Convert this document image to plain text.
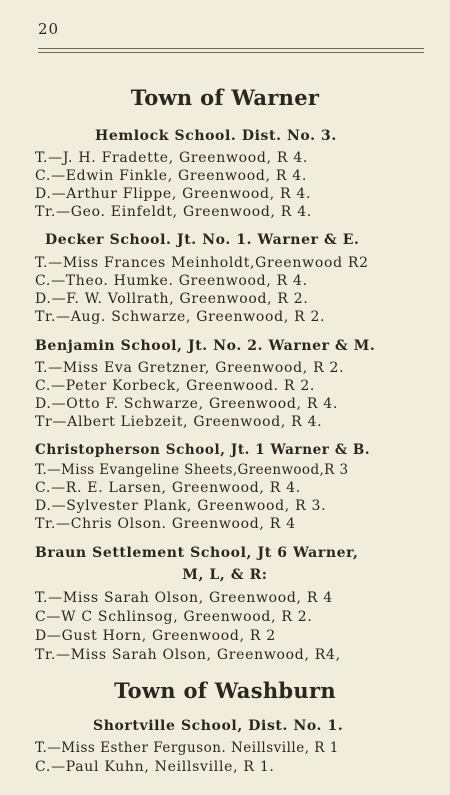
20
Town of Warner
Hemlock School. Dist. No. 3.
T.—J. H. Fradette, Greenwood, R 4.
C.—Edwin Finkle, Greenwood, R 4.
D.—Arthur Flippe, Greenwood, R 4.
Tr.—Geo. Einfeldt, Greenwood, R 4.
Decker School. Jt. No. 1. Warner & E.
T.—Miss Frances Meinholdt,Greenwood R2
C.—Theo. Humke. Greenwood, R 4.
D.—F. W. Vollrath, Greenwood, R 2.
Tr.—Aug. Schwarze, Greenwood, R 2.
Benjamin School, Jt. No. 2. Warner & M.
T.—Miss Eva Gretzner, Greenwood, R 2.
C.—Peter Korbeck, Greenwood. R 2.
D.—Otto F. Schwarze, Greenwood, R 4.
Tr—Albert Liebzeit, Greenwood, R 4.
Christopherson School, Jt. 1 Warner & B.
T.—Miss Evangeline Sheets,Greenwood,R 3
C.—R. E. Larsen, Greenwood, R 4.
D.—Sylvester Plank, Greenwood, R 3.
Tr.—Chris Olson. Greenwood, R 4
Braun Settlement School, Jt 6 Warner,
M, L, & R:
T.—Miss Sarah Olson, Greenwood, R 4
C—W C Schlinsog, Greenwood, R 2.
D—Gust Horn, Greenwood, R 2
Tr.—Miss Sarah Olson, Greenwood, R4,
Town of Washburn
Shortville School, Dist. No. 1.
T.—Miss Esther Ferguson. Neillsville, R 1
C.—Paul Kuhn, Neillsville, R 1.
